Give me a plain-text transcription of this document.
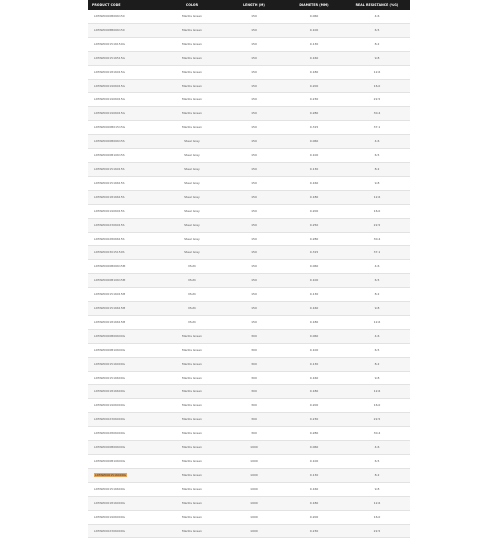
PRODUCT CODE	COLOR	LENGTH (M)	DIAMETER (MM)	REAL RESISTANCE (%G)
LDMW0000B066150	Mantis Green	150	0.060	4.6
LDMW0008B066150	Mantis Green	150	0.100	6.5
LDMW0001516150G	Mantis Green	150	0.130	8.2
LDMW0001516515G	Mantis Green	150	0.160	9.8
LDMW0001816015G	Mantis Green	150	0.180	12.6
LDMW0001906015G	Mantis Green	150	0.200	16.0
LDMW0001906015G	Mantis Green	150	0.230	22.5
LDMW0001906015G	Mantis Green	150	0.280	30.4
LDMW0000B01515G	Mantis Green	150	0.315	37.1
LDMW0000B06615S	Steel Grey	150	0.060	4.6
LDMW0000B10615S	Steel Grey	150	0.100	6.5
LDMW0001516015S	Steel Grey	150	0.130	8.2
LDMW0001516615S	Steel Grey	150	0.160	9.8
LDMW0001816615S	Steel Grey	150	0.180	12.6
LDMW0001906015S	Steel Grey	150	0.200	16.0
LDMW0002306015S	Steel Grey	150	0.250	22.5
LDMW0002806615S	Steel Grey	150	0.280	30.4
LDMW0003015150S	Steel Grey	150	0.315	37.1
LDMW0000B06615M	Multi	150	0.060	4.6
LDMW0000B10615M	Multi	150	0.100	6.5
LDMW0001516015M	Multi	150	0.130	8.2
LDMW0001516615M	Multi	150	0.160	9.8
LDMW0001816615M	Multi	150	0.180	12.6
LDMW0000B06600G	Mantis Green	300	0.060	4.6
LDMW0000B10600G	Mantis Green	300	0.100	6.5
LDMW0001516000G	Mantis Green	300	0.130	8.2
LDMW0001516600G	Mantis Green	300	0.160	9.8
LDMW0001816600G	Mantis Green	300	0.180	12.6
LDMW0001906000G	Mantis Green	300	0.200	16.0
LDMW0002306000G	Mantis Green	300	0.230	22.5
LDMW0002806000G	Mantis Green	300	0.280	30.4
LDMW0000B06600G	Mantis Green	1000	0.060	4.6
LDMW0000B10600G	Mantis Green	1000	0.100	6.5
LDMW0001516000G	Mantis Green	1000	0.130	8.2
LDMW0001516600G	Mantis Green	1000	0.160	9.8
LDMW0001816000G	Mantis Green	1000	0.180	12.6
LDMW0001906000G	Mantis Green	1000	0.200	16.0
LDMW0002306000G	Mantis Green	1000	0.230	22.5
